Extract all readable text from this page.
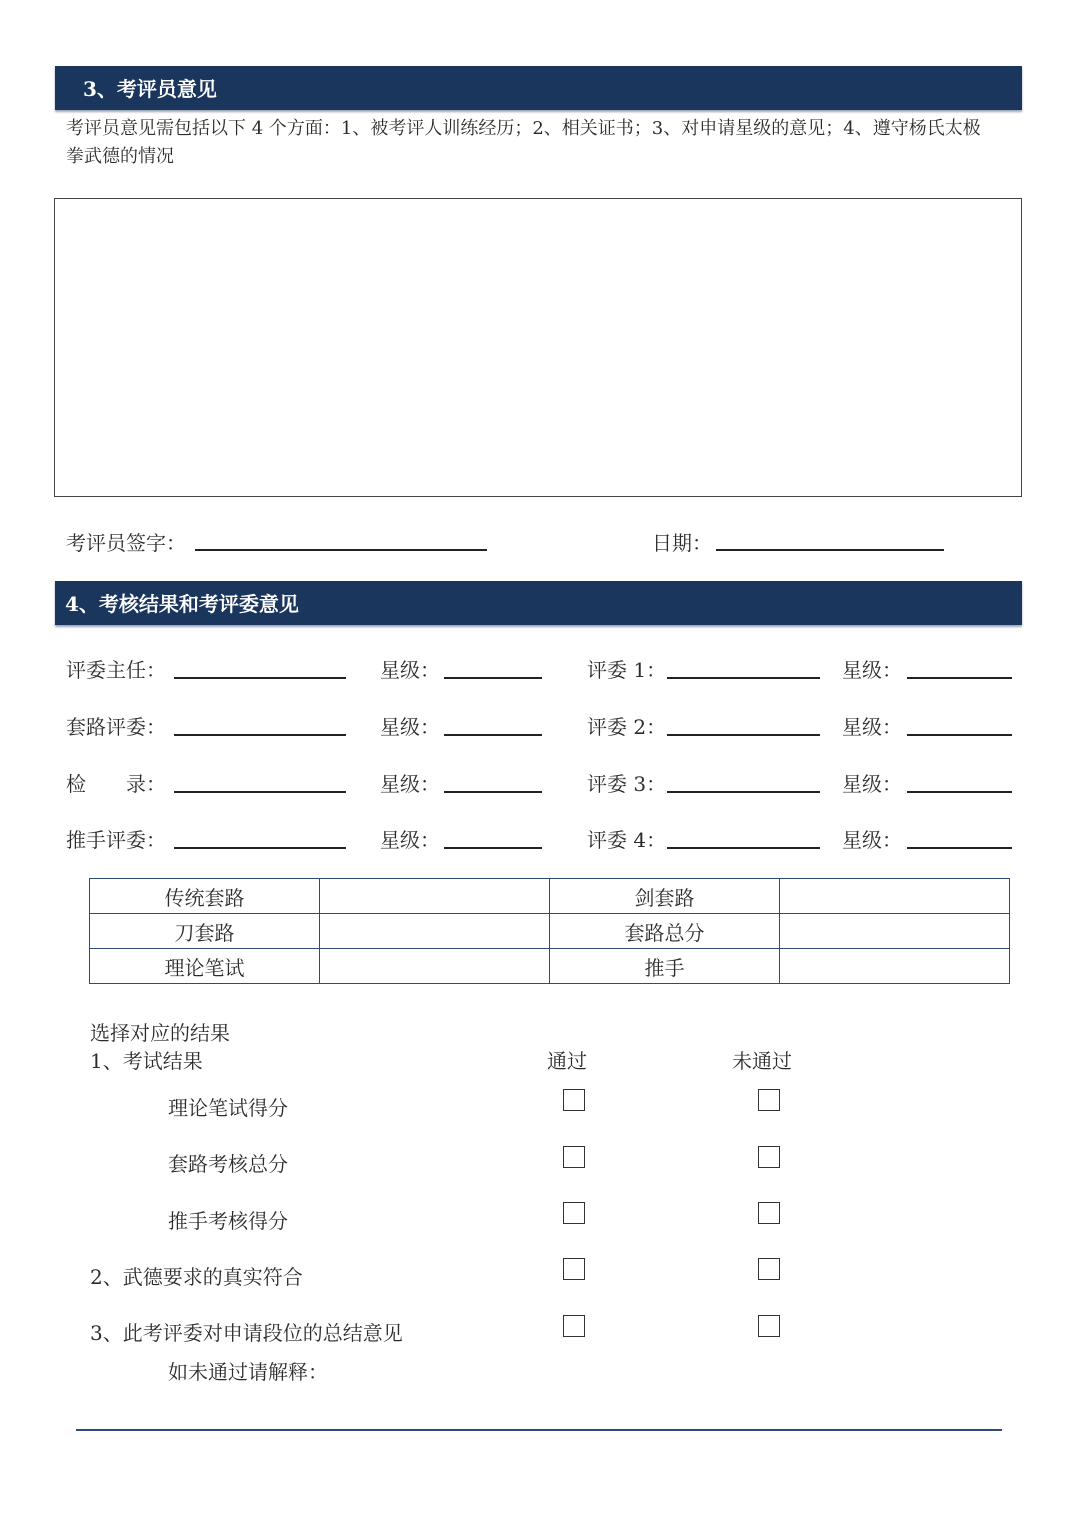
3、考评员意见
考评员意见需包括以下 4 个方面：1、被考评人训练经历；2、相关证书；3、对申请星级的意见；4、遵守杨氏太极
拳武德的情况
考评员签字：	日期：
4、考核结果和考评委意见
评委主任：	星级：	评委 1：	星级：
套路评委：	星级：	评委 2：	星级：
检　　录：	星级：	评委 3：	星级：
推手评委：	星级：	评委 4：	星级：
传统套路		剑套路	
刀套路		套路总分	
理论笔试		推手	
选择对应的结果
1、考试结果	通过	未通过
理论笔试得分
套路考核总分
推手考核得分
2、武德要求的真实符合
3、此考评委对申请段位的总结意见
如未通过请解释：
